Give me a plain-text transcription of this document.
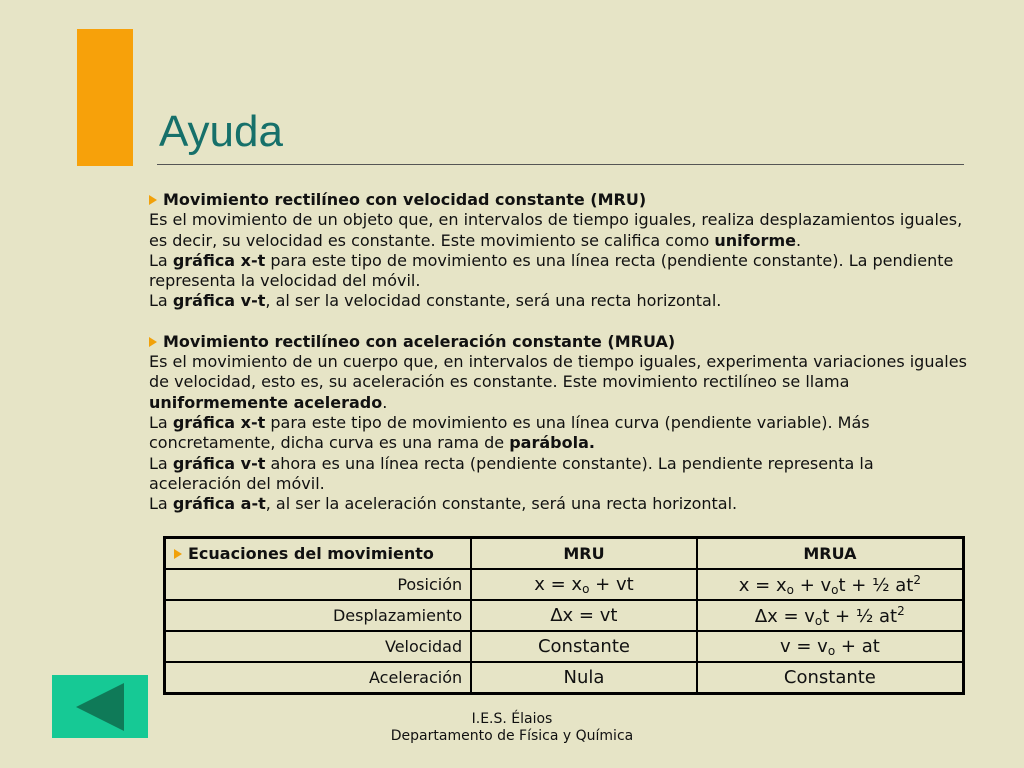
Ayuda

Movimiento rectilíneo con velocidad constante (MRU)

Es el movimiento de un objeto que, en intervalos de tiempo iguales, realiza desplazamientos iguales, es decir, su velocidad es constante. Este movimiento se califica como uniforme.

La gráfica x-t para este tipo de movimiento es una línea recta (pendiente constante). La pendiente representa la velocidad del móvil.

La gráfica v-t, al ser la velocidad constante, será una recta horizontal.

Movimiento rectilíneo con aceleración constante (MRUA)

Es el movimiento de un cuerpo que, en intervalos de tiempo iguales, experimenta variaciones iguales de velocidad, esto es, su aceleración es constante. Este movimiento rectilíneo se llama uniformemente acelerado.

La gráfica x-t para este tipo de movimiento es una línea curva (pendiente variable). Más concretamente, dicha curva es una rama de parábola.

La gráfica v-t ahora es una línea recta (pendiente constante). La pendiente representa la aceleración del móvil.

La gráfica a-t, al ser la aceleración constante, será una recta horizontal.

Ecuaciones del movimiento	MRU	MRUA
Posición	$x = x_o$ + vt	$x = x_o + v_ot$ + ½ $at^2$
Desplazamiento	∆x = vt	$\Delta x = v_ot$ + ½ $at^2$
Velocidad	Constante	$v = v_o$ + at
Aceleración	Nula	Constante
I.E.S. Élaios
Departamento de Física y Química
